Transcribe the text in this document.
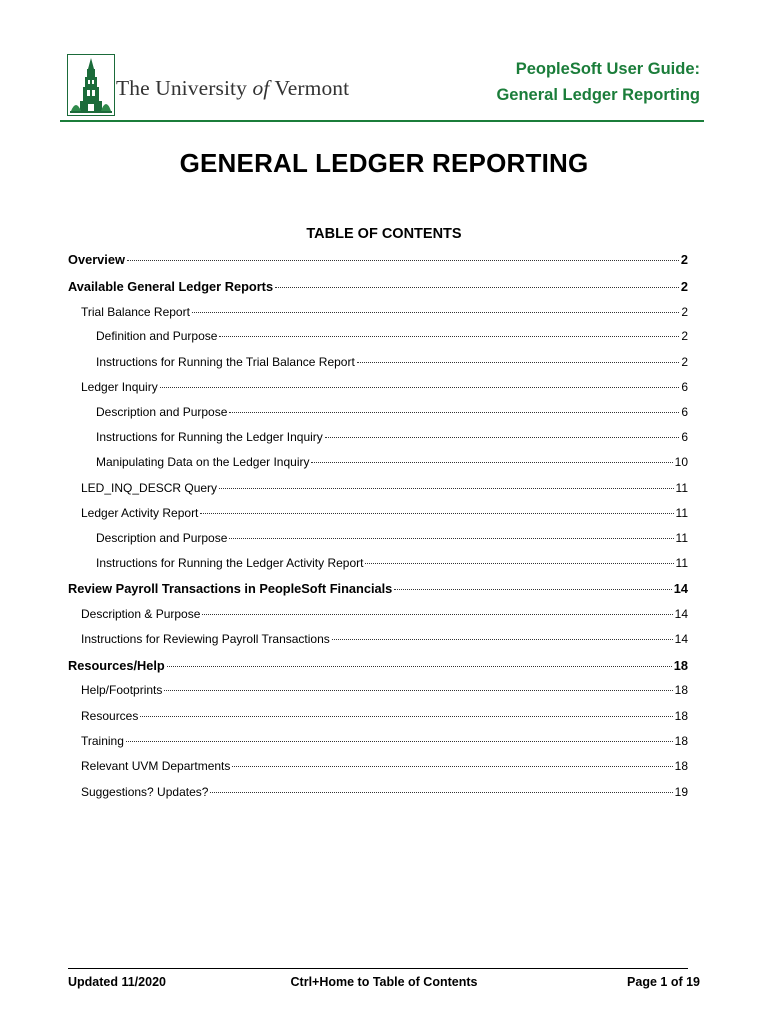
The University of Vermont
PeopleSoft User Guide:
General Ledger Reporting
GENERAL LEDGER REPORTING
TABLE OF CONTENTS
Overview	2
Available General Ledger Reports	2
Trial Balance Report	2
Definition and Purpose	2
Instructions for Running the Trial Balance Report	2
Ledger Inquiry	6
Description and Purpose	6
Instructions for Running the Ledger Inquiry	6
Manipulating Data on the Ledger Inquiry	10
LED_INQ_DESCR Query	11
Ledger Activity Report	11
Description and Purpose	11
Instructions for Running the Ledger Activity Report	11
Review Payroll Transactions in PeopleSoft Financials	14
Description & Purpose	14
Instructions for Reviewing Payroll Transactions	14
Resources/Help	18
Help/Footprints	18
Resources	18
Training	18
Relevant UVM Departments	18
Suggestions? Updates?	19
Updated 11/2020	Ctrl+Home to Table of Contents	Page 1 of 19
